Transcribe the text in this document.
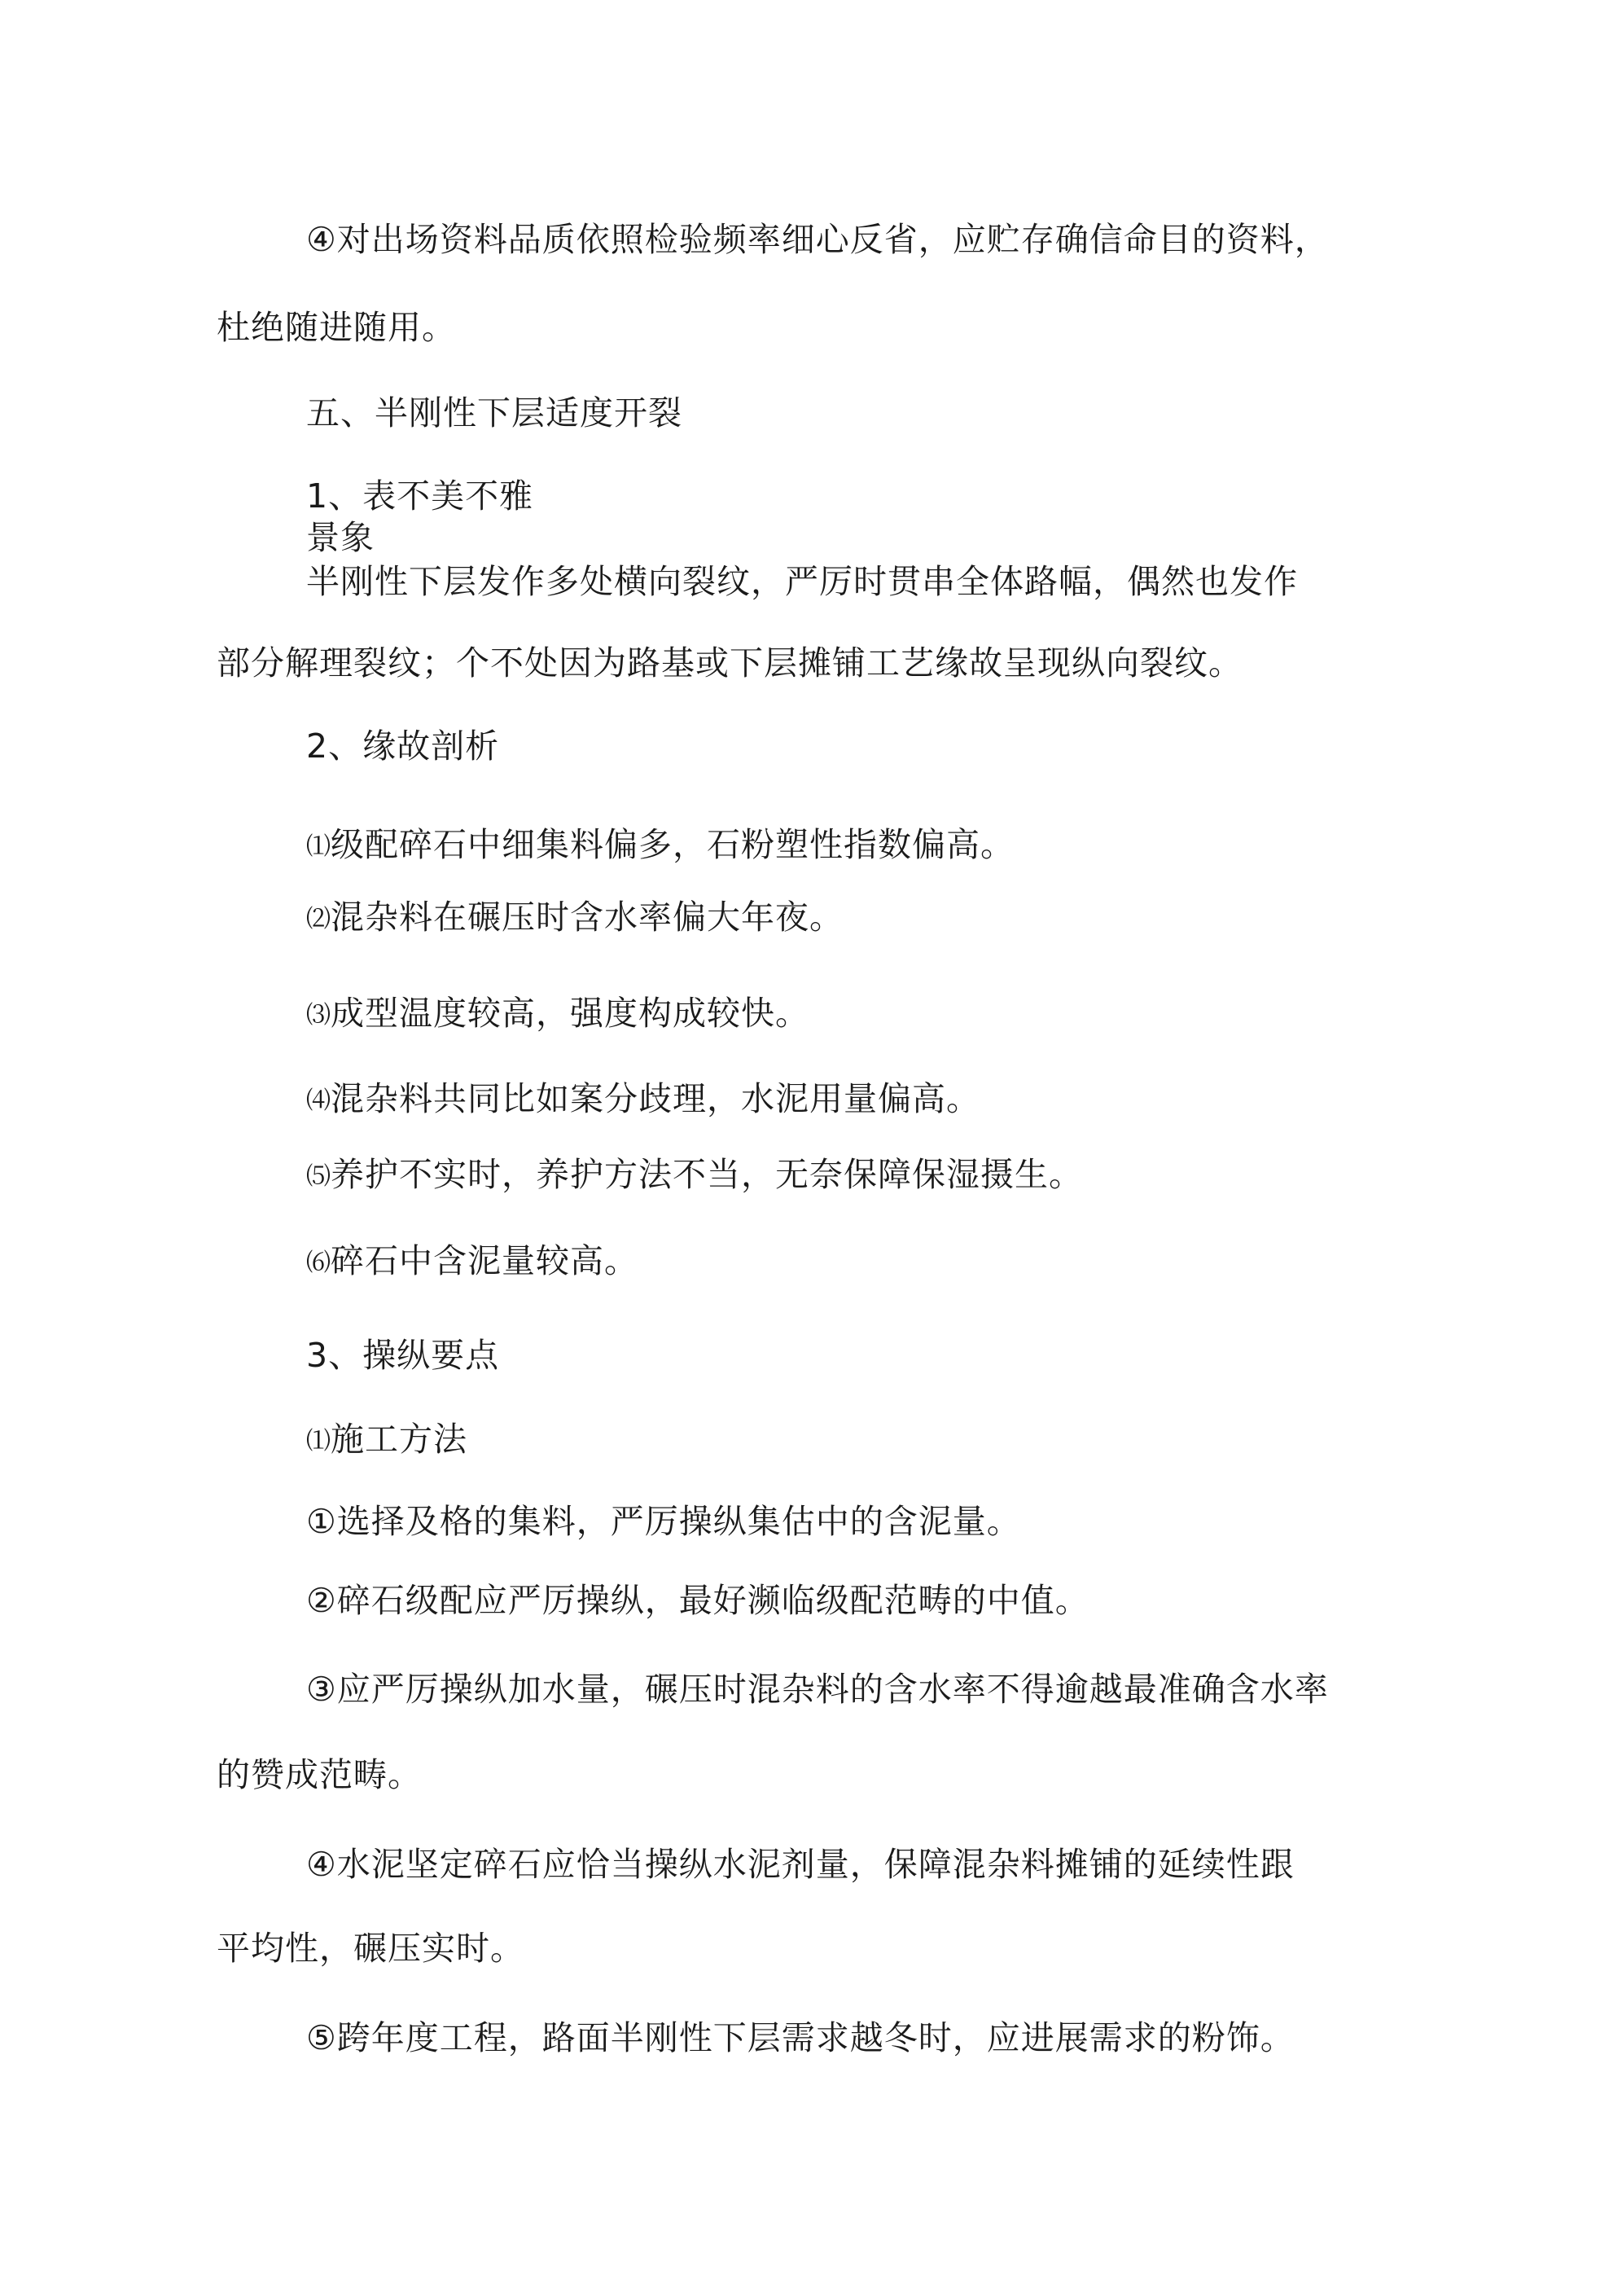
④对出场资料品质依照检验频率细心反省，应贮存确信命目的资料，

杜绝随进随用。

五、半刚性下层适度开裂

1、表不美不雅

景象

半刚性下层发作多处横向裂纹，严厉时贯串全体路幅，偶然也发作

部分解理裂纹；个不处因为路基或下层摊铺工艺缘故呈现纵向裂纹。

2、缘故剖析

⑴级配碎石中细集料偏多，石粉塑性指数偏高。

⑵混杂料在碾压时含水率偏大年夜。

⑶成型温度较高，强度构成较快。

⑷混杂料共同比如案分歧理，水泥用量偏高。

⑸养护不实时，养护方法不当，无奈保障保湿摄生。

⑹碎石中含泥量较高。

3、操纵要点

⑴施工方法

①选择及格的集料，严厉操纵集估中的含泥量。

②碎石级配应严厉操纵，最好濒临级配范畴的中值。

③应严厉操纵加水量，碾压时混杂料的含水率不得逾越最准确含水率

的赞成范畴。

④水泥坚定碎石应恰当操纵水泥剂量，保障混杂料摊铺的延续性跟

平均性，碾压实时。

⑤跨年度工程，路面半刚性下层需求越冬时，应进展需求的粉饰。
